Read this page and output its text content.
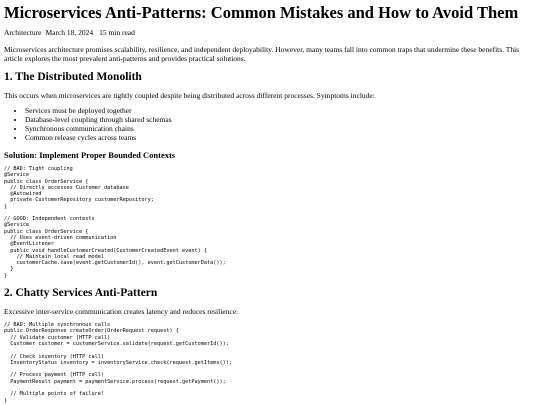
Microservices Anti-Patterns: Common Mistakes and How to Avoid Them
Architecture March 18, 2024 15 min read

Microservices architecture promises scalability, resilience, and independent deployability. However, many teams fall into common traps that undermine these benefits. This article explores the most prevalent anti-patterns and provides practical solutions.

1. The Distributed Monolith

This occurs when microservices are tightly coupled despite being distributed across different processes. Symptoms include:

• Services must be deployed together
• Database-level coupling through shared schemas
• Synchronous communication chains
• Common release cycles across teams
Solution: Implement Proper Bounded Contexts
// BAD: Tight coupling
@Service
public class OrderService {
// Directly accesses Customer database
@Autowired
private CustomerRepository customerRepository;
}
// GOOD: Independent contexts
@Service
public class OrderService {
// Uses event-driven communication
@EventListener
public void handleCustomerCreated(CustomerCreatedEvent event) {
// Maintain local read model
customerCache.save(event.getCustomerId(), event.getCustomerData());
}
}
2. Chatty Services Anti-Pattern

Excessive inter-service communication creates latency and reduces resilience:

// BAD: Multiple synchronous calls
public OrderResponse createOrder(OrderRequest request) {
// Validate customer (HTTP call)
Customer customer = customerService.validate(request.getCustomerId());

// Check inventory (HTTP call)
InventoryStatus inventory = inventoryService.check(request.getItems());

// Process payment (HTTP call)
PaymentResult payment = paymentService.process(request.getPayment());

// Multiple points of failure!
}
